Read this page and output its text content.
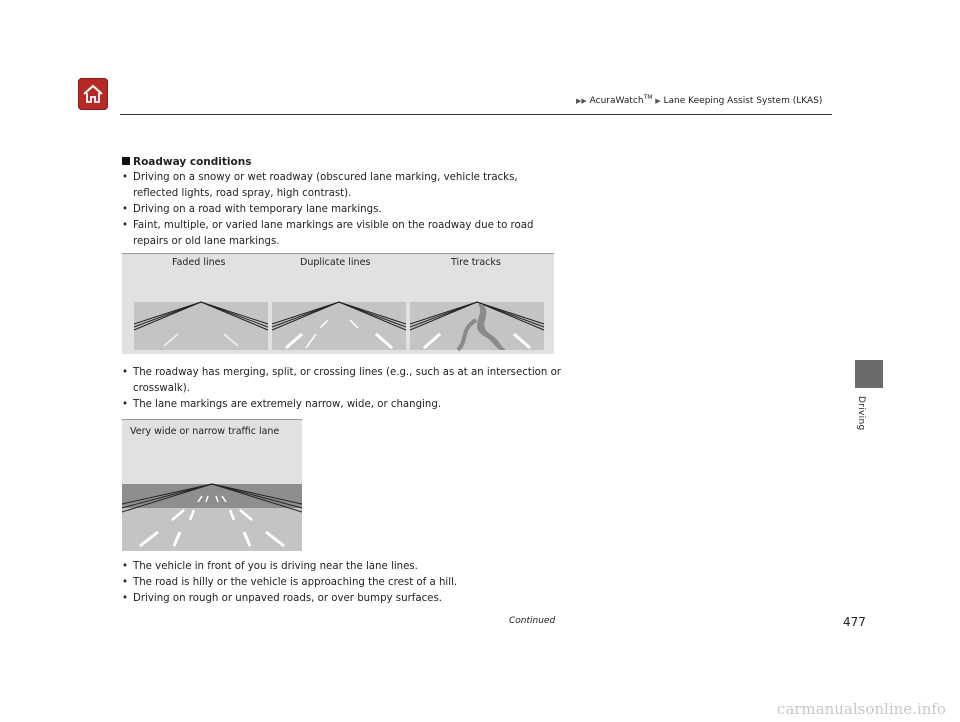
▶▶ AcuraWatch™ ▶ Lane Keeping Assist System (LKAS)
Driving

Roadway conditions

• Driving on a snowy or wet roadway (obscured lane marking, vehicle tracks, reflected lights, road spray, high contrast).
• Driving on a road with temporary lane markings.
• Faint, multiple, or varied lane markings are visible on the roadway due to road repairs or old lane markings.
Faded lines	Duplicate lines	Tire tracks
• The roadway has merging, split, or crossing lines (e.g., such as at an intersection or crosswalk).
• The lane markings are extremely narrow, wide, or changing.
Very wide or narrow traffic lane
• The vehicle in front of you is driving near the lane lines.
• The road is hilly or the vehicle is approaching the crest of a hill.
• Driving on rough or unpaved roads, or over bumpy surfaces.
Continued	477
carmanualsonline.info
